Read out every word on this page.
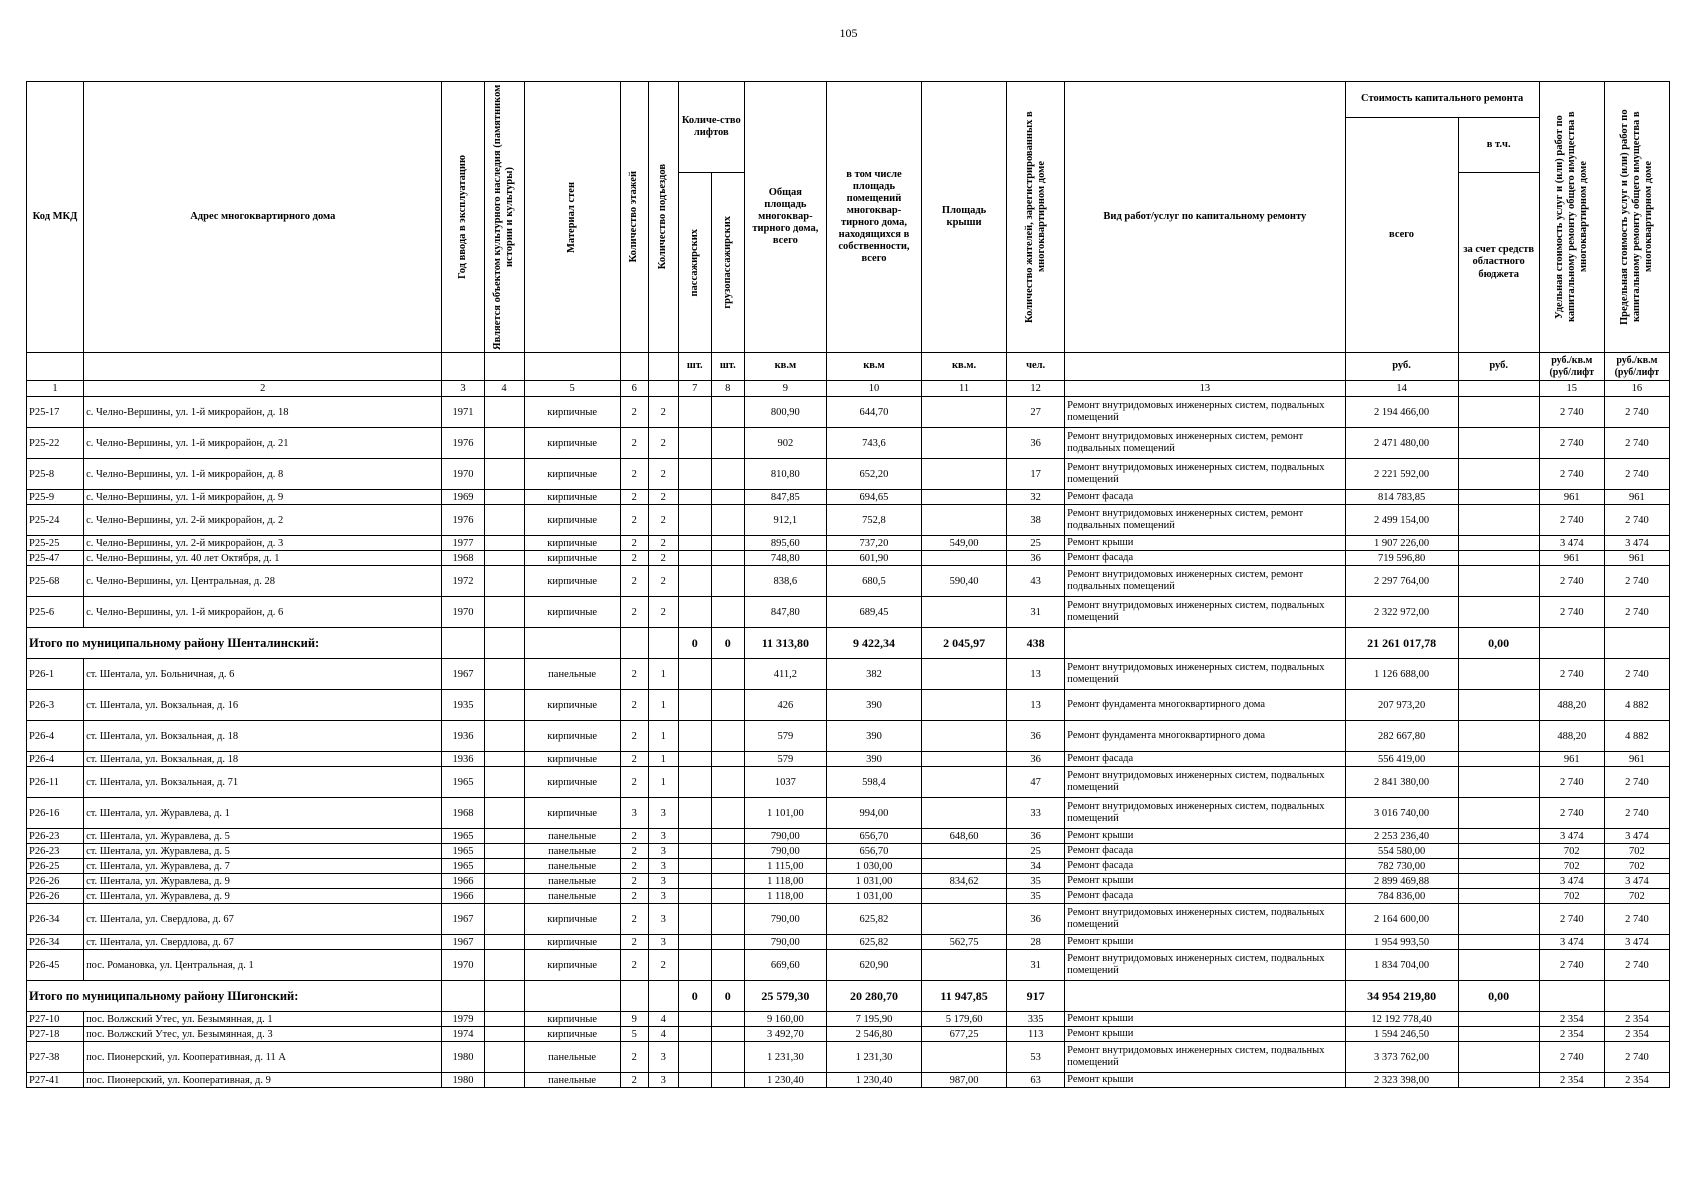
105
Код МКД	Адрес многоквартирного дома	Год ввода в эксплуатацию	Является объектом культурного наследия (памятником истории и культуры)	Материал стен	Количество этажей	Количество подъездов	Количе-ство лифтов		Общая площадь многоквар-тирного дома, всего	в том числе площадь помещений многоквар-тирного дома, находящихся в собственности, всего	Площадь крыши	Количество жителей, зарегистрированных в многоквартирном доме	Вид работ/услуг по капитальному ремонту	Стоимость капитального ремонта		Удельная стоимость услуг и (или) работ по капитальному ремонту общего имущества в многоквартирном доме	Предельная стоимость услуг и (или) работ по капитальному ремонту общего имущества в многоквартирном доме

														всего	в т.ч.		

							пассажирских	грузопассажирских							за счет средств областного бюджета		
							шт.	шт.	кв.м	кв.м	кв.м.	чел.		руб.	руб.	руб./кв.м (руб/лифт	руб./кв.м (руб/лифт
1	2	3	4	5	6		7	8	9	10	11	12	13	14		15	16
P25-17	с. Челно-Вершины, ул. 1-й микрорайон, д. 18	1971		кирпичные	2	2			800,90	644,70		27	Ремонт внутридомовых инженерных систем, подвальных помещений	2 194 466,00		2 740	2 740
P25-22	с. Челно-Вершины, ул. 1-й микрорайон, д. 21	1976		кирпичные	2	2			902	743,6		36	Ремонт внутридомовых инженерных систем, ремонт подвальных помещений	2 471 480,00		2 740	2 740
P25-8	с. Челно-Вершины, ул. 1-й микрорайон, д. 8	1970		кирпичные	2	2			810,80	652,20		17	Ремонт внутридомовых инженерных систем, подвальных помещений	2 221 592,00		2 740	2 740
P25-9	с. Челно-Вершины, ул. 1-й микрорайон, д. 9	1969		кирпичные	2	2			847,85	694,65		32	Ремонт фасада	814 783,85		961	961
P25-24	с. Челно-Вершины, ул. 2-й микрорайон, д. 2	1976		кирпичные	2	2			912,1	752,8		38	Ремонт внутридомовых инженерных систем, ремонт подвальных помещений	2 499 154,00		2 740	2 740
P25-25	с. Челно-Вершины, ул. 2-й микрорайон, д. 3	1977		кирпичные	2	2			895,60	737,20	549,00	25	Ремонт крыши	1 907 226,00		3 474	3 474
P25-47	с. Челно-Вершины, ул. 40 лет Октября, д. 1	1968		кирпичные	2	2			748,80	601,90		36	Ремонт фасада	719 596,80		961	961
P25-68	с. Челно-Вершины, ул. Центральная, д. 28	1972		кирпичные	2	2			838,6	680,5	590,40	43	Ремонт внутридомовых инженерных систем, ремонт подвальных помещений	2 297 764,00		2 740	2 740
P25-6	с. Челно-Вершины, ул. 1-й микрорайон, д. 6	1970		кирпичные	2	2			847,80	689,45		31	Ремонт внутридомовых инженерных систем, подвальных помещений	2 322 972,00		2 740	2 740
Итого по муниципальному району Шенталинский:							0	0	11 313,80	9 422,34	2 045,97	438		21 261 017,78	0,00		
P26-1	ст. Шентала, ул. Больничная, д. 6	1967		панельные	2	1			411,2	382		13	Ремонт внутридомовых инженерных систем, подвальных помещений	1 126 688,00		2 740	2 740
P26-3	ст. Шентала, ул. Вокзальная, д. 16	1935		кирпичные	2	1			426	390		13	Ремонт фундамента многоквартирного дома	207 973,20		488,20	4 882
P26-4	ст. Шентала, ул. Вокзальная, д. 18	1936		кирпичные	2	1			579	390		36	Ремонт фундамента многоквартирного дома	282 667,80		488,20	4 882
P26-4	ст. Шентала, ул. Вокзальная, д. 18	1936		кирпичные	2	1			579	390		36	Ремонт фасада	556 419,00		961	961
P26-11	ст. Шентала, ул. Вокзальная, д. 71	1965		кирпичные	2	1			1037	598,4		47	Ремонт внутридомовых инженерных систем, подвальных помещений	2 841 380,00		2 740	2 740
P26-16	ст. Шентала, ул. Журавлева, д. 1	1968		кирпичные	3	3			1 101,00	994,00		33	Ремонт внутридомовых инженерных систем, подвальных помещений	3 016 740,00		2 740	2 740
P26-23	ст. Шентала, ул. Журавлева, д. 5	1965		панельные	2	3			790,00	656,70	648,60	36	Ремонт крыши	2 253 236,40		3 474	3 474
P26-23	ст. Шентала, ул. Журавлева, д. 5	1965		панельные	2	3			790,00	656,70		25	Ремонт фасада	554 580,00		702	702
P26-25	ст. Шентала, ул. Журавлева, д. 7	1965		панельные	2	3			1 115,00	1 030,00		34	Ремонт фасада	782 730,00		702	702
P26-26	ст. Шентала, ул. Журавлева, д. 9	1966		панельные	2	3			1 118,00	1 031,00	834,62	35	Ремонт крыши	2 899 469,88		3 474	3 474
P26-26	ст. Шентала, ул. Журавлева, д. 9	1966		панельные	2	3			1 118,00	1 031,00		35	Ремонт фасада	784 836,00		702	702
P26-34	ст. Шентала, ул. Свердлова, д. 67	1967		кирпичные	2	3			790,00	625,82		36	Ремонт внутридомовых инженерных систем, подвальных помещений	2 164 600,00		2 740	2 740
P26-34	ст. Шентала, ул. Свердлова, д. 67	1967		кирпичные	2	3			790,00	625,82	562,75	28	Ремонт крыши	1 954 993,50		3 474	3 474
P26-45	пос. Романовка, ул. Центральная, д. 1	1970		кирпичные	2	2			669,60	620,90		31	Ремонт внутридомовых инженерных систем, подвальных помещений	1 834 704,00		2 740	2 740
Итого по муниципальному району Шигонский:							0	0	25 579,30	20 280,70	11 947,85	917		34 954 219,80	0,00		
P27-10	пос. Волжский Утес, ул. Безымянная, д. 1	1979		кирпичные	9	4			9 160,00	7 195,90	5 179,60	335	Ремонт крыши	12 192 778,40		2 354	2 354
P27-18	пос. Волжский Утес, ул. Безымянная, д. 3	1974		кирпичные	5	4			3 492,70	2 546,80	677,25	113	Ремонт крыши	1 594 246,50		2 354	2 354
P27-38	пос. Пионерский, ул. Кооперативная, д. 11 А	1980		панельные	2	3			1 231,30	1 231,30		53	Ремонт внутридомовых инженерных систем, подвальных помещений	3 373 762,00		2 740	2 740
P27-41	пос. Пионерский, ул. Кооперативная, д. 9	1980		панельные	2	3			1 230,40	1 230,40	987,00	63	Ремонт крыши	2 323 398,00		2 354	2 354
